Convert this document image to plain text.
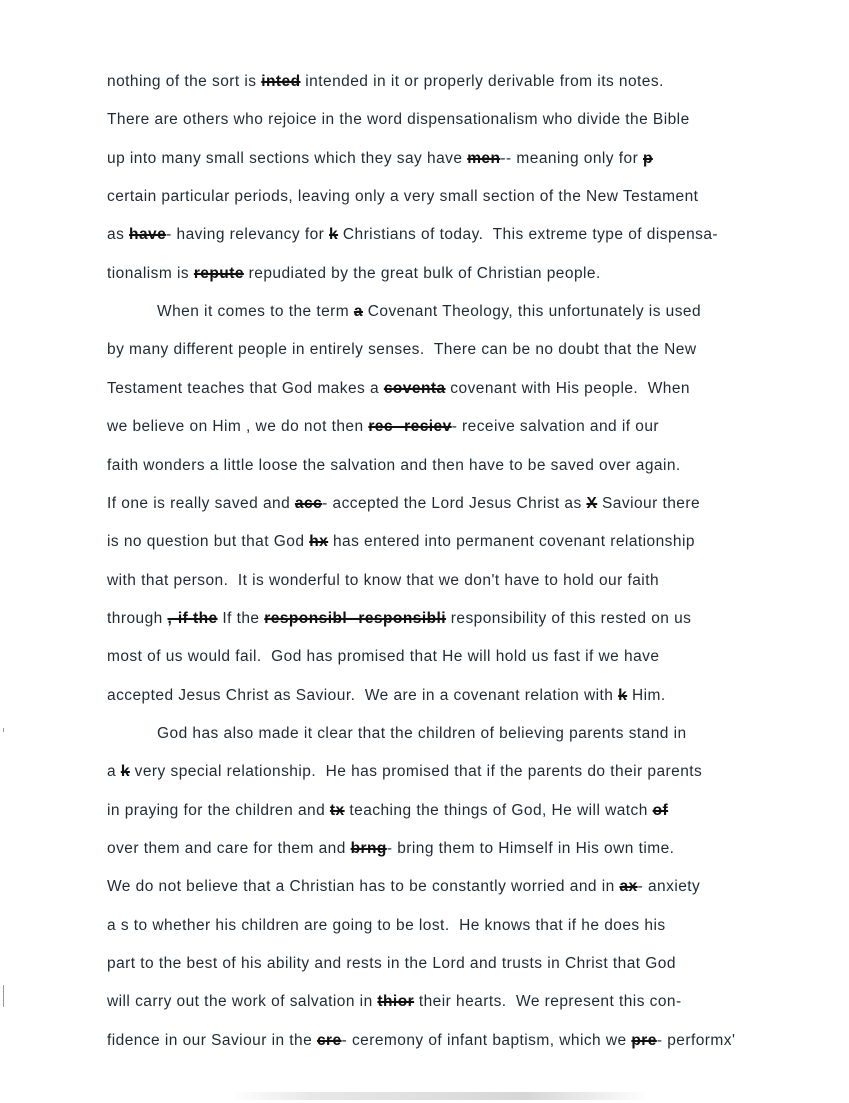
nothing of the sort is inted intended in it or properly derivable from its notes.
There are others who rejoice in the word dispensationalism who divide the Bible
up into many small sections which they say have men-- meaning only for p
certain particular periods, leaving only a very small section of the New Testament
as have- having relevancy for k Christians of today.  This extreme type of dispensa-
tionalism is repute repudiated by the great bulk of Christian people.
When it comes to the term a Covenant Theology, this unfortunately is used
by many different people in entirely senses.  There can be no doubt that the New
Testament teaches that God makes a coventa covenant with His people.  When
we believe on Him , we do not then rec--reciev- receive salvation and if our
faith wonders a little loose the salvation and then have to be saved over again.
If one is really saved and acc- accepted the Lord Jesus Christ as X Saviour there
is no question but that God hx has entered into permanent covenant relationship
with that person.  It is wonderful to know that we don't have to hold our faith
through ,-if the If the responsibl--responsibli responsibility of this rested on us
most of us would fail.  God has promised that He will hold us fast if we have
accepted Jesus Christ as Saviour.  We are in a covenant relation with k Him.
God has also made it clear that the children of believing parents stand in
a k very special relationship.  He has promised that if the parents do their parents
in praying for the children and tx teaching the things of God, He will watch of
over them and care for them and brng- bring them to Himself in His own time.
We do not believe that a Christian has to be constantly worried and in ax- anxiety
a s to whether his children are going to be lost.  He knows that if he does his
part to the best of his ability and rests in the Lord and trusts in Christ that God
will carry out the work of salvation in thior their hearts.  We represent this con-
fidence in our Saviour in the cre- ceremony of infant baptism, which we pre- performx'
